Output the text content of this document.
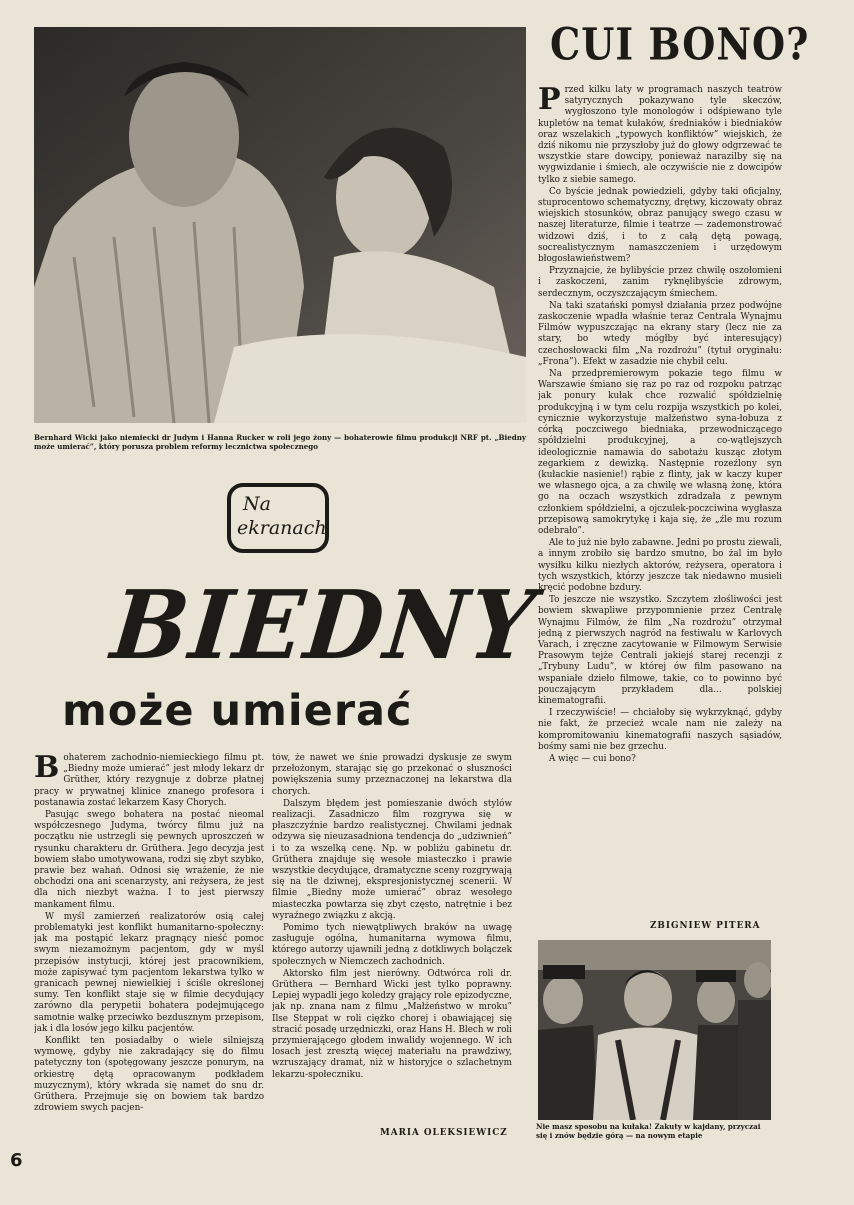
Bernhard Wicki jako niemiecki dr Judym i Hanna Rucker w roli jego żony — bohaterowie filmu produkcji NRF pt. „Biedny może umierać”, który porusza problem reformy lecznictwa społecznego
CUI BONO?

Przed kilku laty w programach naszych teatrów satyrycznych pokazywano tyle skeczów, wygłoszono tyle monologów i odśpiewano tyle kupletów na temat kułaków, średniaków i biedniaków oraz wszelakich „typowych konfliktów” wiejskich, że dziś nikomu nie przyszłoby już do głowy odgrzewać te wszystkie stare dowcipy, ponieważ narazilby się na wygwizdanie i śmiech, ale oczywiście nie z dowcipów tylko z siebie samego.

Co byście jednak powiedzieli, gdyby taki oficjalny, stuprocentowo schematyczny, drętwy, kiczowaty obraz wiejskich stosunków, obraz panujący swego czasu w naszej literaturze, filmie i teatrze — zademonstrować widzowi dziś, i to z całą dętą powagą, socrealistycznym namaszczeniem i urzędowym błogosławieństwem?

Przyznajcie, że bylibyście przez chwilę oszołomieni i zaskoczeni, zanim ryknęlibyście zdrowym, serdecznym, oczyszczającym śmiechem.

Na taki szatański pomysł działania przez podwójne zaskoczenie wpadła właśnie teraz Centrala Wynajmu Filmów wypuszczając na ekrany stary (lecz nie za stary, bo wtedy mógłby być interesujący) czechosłowacki film „Na rozdrożu” (tytuł oryginału: „Frona”). Efekt w zasadzie nie chybił celu.

Na przedpremierowym pokazie tego filmu w Warszawie śmiano się raz po raz od rozpoku patrząc jak ponury kułak chce rozwalić spółdzielnię produkcyjną i w tym celu rozpija wszystkich po kolei, cynicznie wykorzystuje małżeństwo syna-łobuza z córką poczciwego biedniaka, przewodniczącego spółdzielni produkcyjnej, a co-wątlejszych ideologicznie namawia do sabotażu kusząc złotym zegarkiem z dewizką. Następnie rozeźlony syn (kułackie nasienie!) rąbie z flinty, jak w kaczy kuper we własnego ojca, a za chwilę we własną żonę, która go na oczach wszystkich zdradzała z pewnym członkiem spółdzielni, a ojczulek-poczciwina wygłasza przepisową samokrytykę i kaja się, że „źle mu rozum odebrało”.

Ale to już nie było zabawne. Jedni po prostu ziewali, a innym zrobiło się bardzo smutno, bo żal im było wysiłku kilku niezłych aktorów, reżysera, operatora i tych wszystkich, którzy jeszcze tak niedawno musieli kręcić podobne bzdury.

To jeszcze nie wszystko. Szczytem złośliwości jest bowiem skwapliwe przypomnienie przez Centralę Wynajmu Filmów, że film „Na rozdrożu” otrzymał jedną z pierwszych nagród na festiwalu w Karlovych Varach, i zręczne zacytowanie w Filmowym Serwisie Prasowym tejże Centrali jakiejś starej recenzji z „Trybuny Ludu”, w której ów film pasowano na wspaniałe dzieło filmowe, takie, co to powinno być pouczającym przykładem dla... polskiej kinematografii.

I rzeczywiście! — chciałoby się wykrzyknąć, gdyby nie fakt, że przecież wcale nam nie zależy na kompromitowaniu kinematografii naszych sąsiadów, bośmy sami nie bez grzechu.

A więc — cui bono?

ZBIGNIEW PITERA
Nie masz sposobu na kułaka! Zakuty w kajdany, przyczai się i znów będzie górą — na nowym etapie
Na
ekranach
BIEDNY
może umierać

Bohaterem zachodnio-niemieckiego filmu pt. „Biedny może umierać” jest młody lekarz dr Grüther, który rezygnuje z dobrze płatnej pracy w prywatnej klinice znanego profesora i postanawia zostać lekarzem Kasy Chorych.

Pasując swego bohatera na postać nieomal współczesnego Judyma, twórcy filmu już na początku nie ustrzegli się pewnych uproszczeń w rysunku charakteru dr. Grüthera. Jego decyzja jest bowiem słabo umotywowana, rodzi się zbyt szybko, prawie bez wahań. Odnosi się wrażenie, że nie obchodzi ona ani scenarzysty, ani reżysera, że jest dla nich niezbyt ważna. I to jest pierwszy mankament filmu.

W myśl zamierzeń realizatorów osią całej problematyki jest konflikt humanitarno-społeczny: jak ma postąpić lekarz pragnący nieść pomoc swym niezamożnym pacjentom, gdy w myśl przepisów instytucji, której jest pracownikiem, może zapisywać tym pacjentom lekarstwa tylko w granicach pewnej niewielkiej i ściśle określonej sumy. Ten konflikt staje się w filmie decydujący zarówno dla perypetii bohatera podejmującego samotnie walkę przeciwko bezdusznym przepisom, jak i dla losów jego kilku pacjentów.

Konflikt ten posiadałby o wiele silniejszą wymowę, gdyby nie zakradający się do filmu patetyczny ton (spotęgowany jeszcze ponurym, na orkiestrę dętą opracowanym podkładem muzycznym), który wkrada się namet do snu dr. Grüthera. Przejmuje się on bowiem tak bardzo zdrowiem swych pacjen-

tów, że nawet we śnie prowadzi dyskusje ze swym przełożonym, starając się go przekonać o słuszności powiększenia sumy przeznaczonej na lekarstwa dla chorych.

Dalszym błędem jest pomieszanie dwóch stylów realizacji. Zasadniczo film rozgrywa się w płaszczyźnie bardzo realistycznej. Chwilami jednak odzywa się nieuzasadniona tendencja do „udziwnień” i to za wszelką cenę. Np. w pobliżu gabinetu dr. Grüthera znajduje się wesołe miasteczko i prawie wszystkie decydujące, dramatyczne sceny rozgrywają się na tle dziwnej, ekspresjonistycznej scenerii. W filmie „Biedny może umierać” obraz wesołego miasteczka powtarza się zbyt często, natrętnie i bez wyraźnego związku z akcją.

Pomimo tych niewątpliwych braków na uwagę zasługuje ogólna, humanitarna wymowa filmu, którego autorzy ujawnili jedną z dotkliwych bolączek społecznych w Niemczech zachodnich.

Aktorsko film jest nierówny. Odtwórca roli dr. Grüthera — Bernhard Wicki jest tylko poprawny. Lepiej wypadli jego koledzy grający role epizodyczne, jak np. znana nam z filmu „Małżeństwo w mroku” Ilse Steppat w roli ciężko chorej i obawiającej się stracić posadę urzędniczki, oraz Hans H. Blech w roli przymierającego głodem inwalidy wojennego. W ich losach jest zresztą więcej materiału na prawdziwy, wzruszający dramat, niż w historyjce o szlachetnym lekarzu-społeczniku.

MARIA OLEKSIEWICZ
6
